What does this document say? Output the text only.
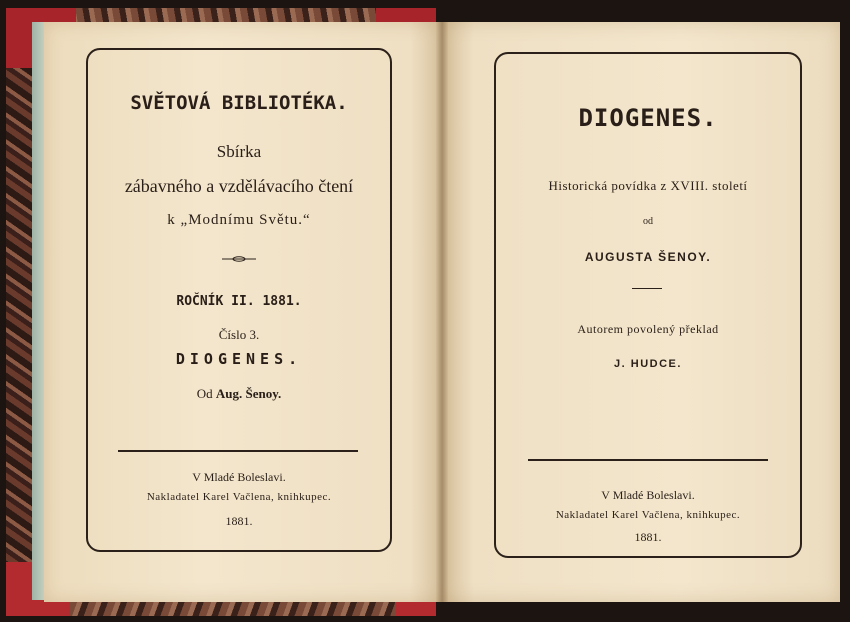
SVĚTOVÁ BIBLIOTÉKA.
Sbírka
zábavného a vzdělávacího čtení
k „Modnímu Světu.“
ROČNÍK II. 1881.
Číslo 3.
DIOGENES.
Od Aug. Šenoy.
V Mladé Boleslavi.
Nakladatel Karel Vačlena, knihkupec.
1881.
DIOGENES.
Historická povídka z XVIII. století
od
AUGUSTA ŠENOY.
Autorem povolený překlad
J. HUDCE.
V Mladé Boleslavi.
Nakladatel Karel Vačlena, knihkupec.
1881.
